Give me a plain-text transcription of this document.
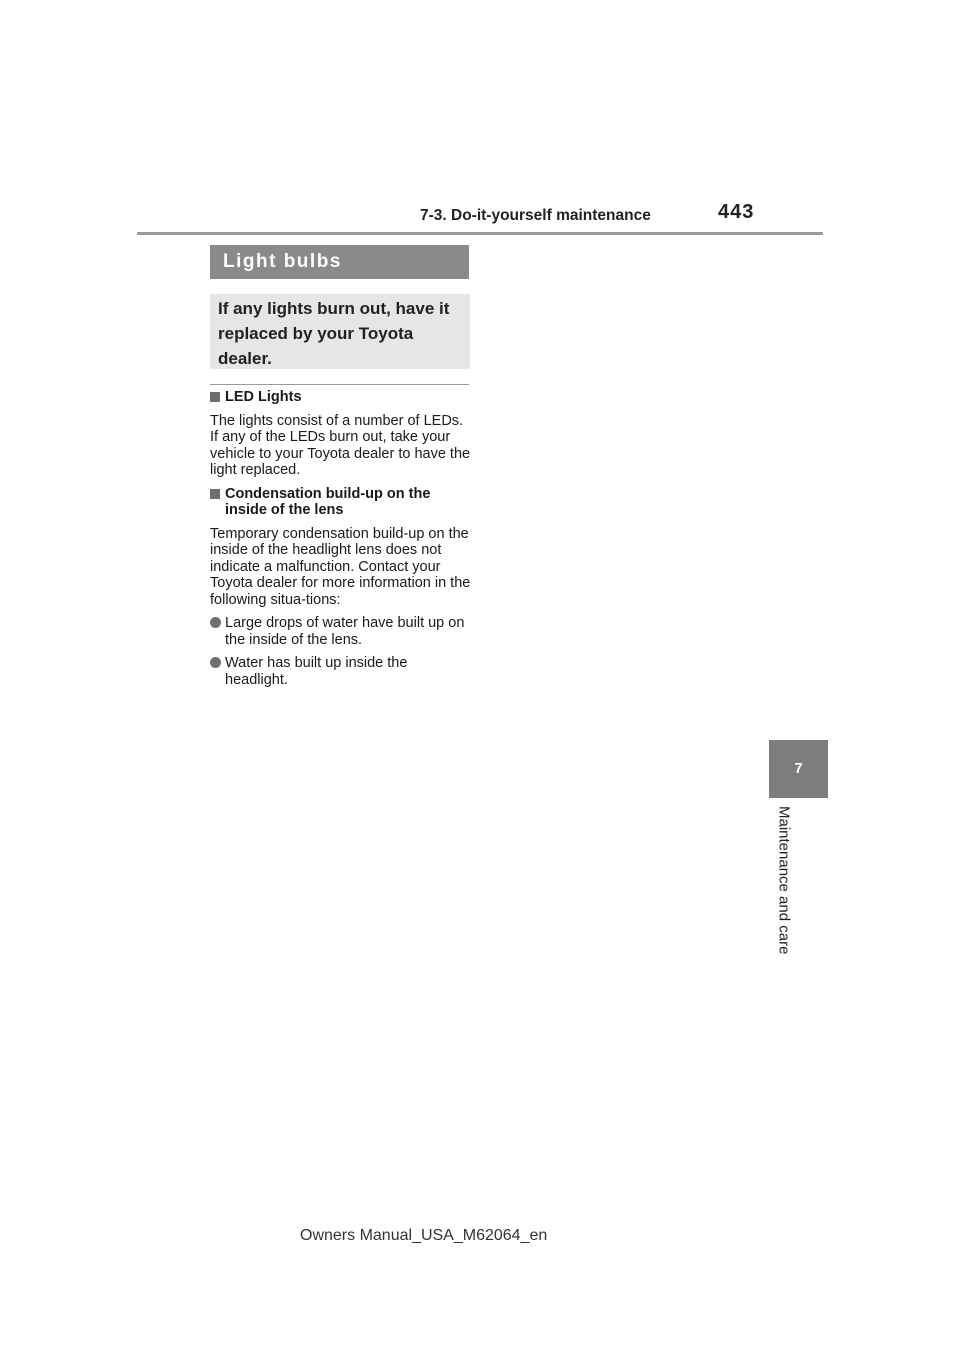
7-3. Do-it-yourself maintenance	443
Light bulbs
If any lights burn out, have it replaced by your Toyota dealer.
LED Lights

The lights consist of a number of LEDs. If any of the LEDs burn out, take your vehicle to your Toyota dealer to have the light replaced.

Condensation build-up on the inside of the lens

Temporary condensation build-up on the inside of the headlight lens does not indicate a malfunction. Contact your Toyota dealer for more information in the following situa-tions:

Large drops of water have built up on the inside of the lens.
Water has built up inside the headlight.
7
Maintenance and care
Owners Manual_USA_M62064_en
